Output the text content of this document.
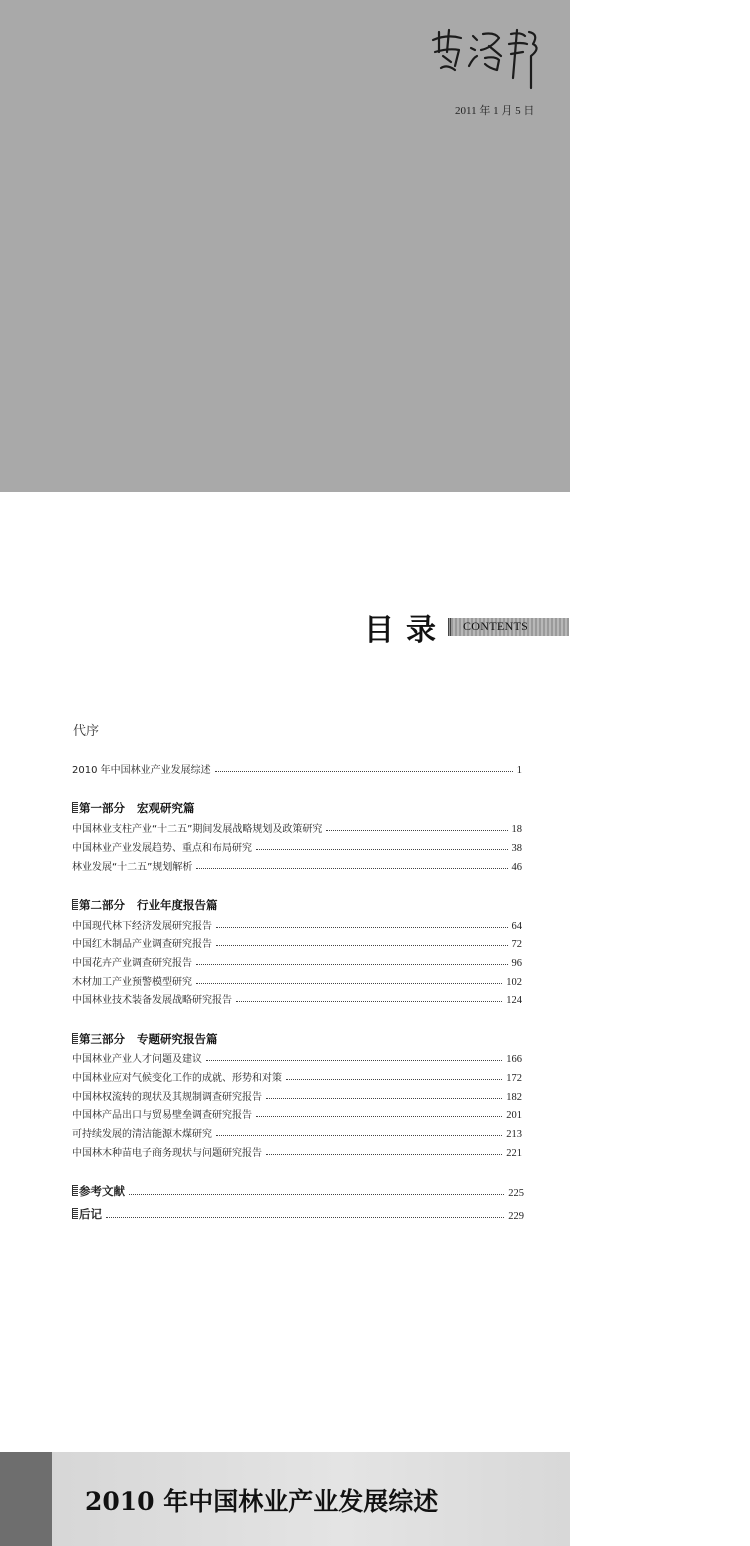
2011 年 1 月 5 日
目录 CONTENTS
代序
2010 年中国林业产业发展综述	1
第一部分 宏观研究篇
中国林业支柱产业“十二五”期间发展战略规划及政策研究	18
中国林业产业发展趋势、重点和布局研究	38
林业发展“十二五”规划解析	46
第二部分 行业年度报告篇
中国现代林下经济发展研究报告	64
中国红木制品产业调查研究报告	72
中国花卉产业调查研究报告	96
木材加工产业预警模型研究	102
中国林业技术装备发展战略研究报告	124
第三部分 专题研究报告篇
中国林业产业人才问题及建议	166
中国林业应对气候变化工作的成就、形势和对策	172
中国林权流转的现状及其规制调查研究报告	182
中国林产品出口与贸易壁垒调查研究报告	201
可持续发展的清洁能源木煤研究	213
中国林木种苗电子商务现状与问题研究报告	221
参考文献	225
后记	229
2010 年中国林业产业发展综述
